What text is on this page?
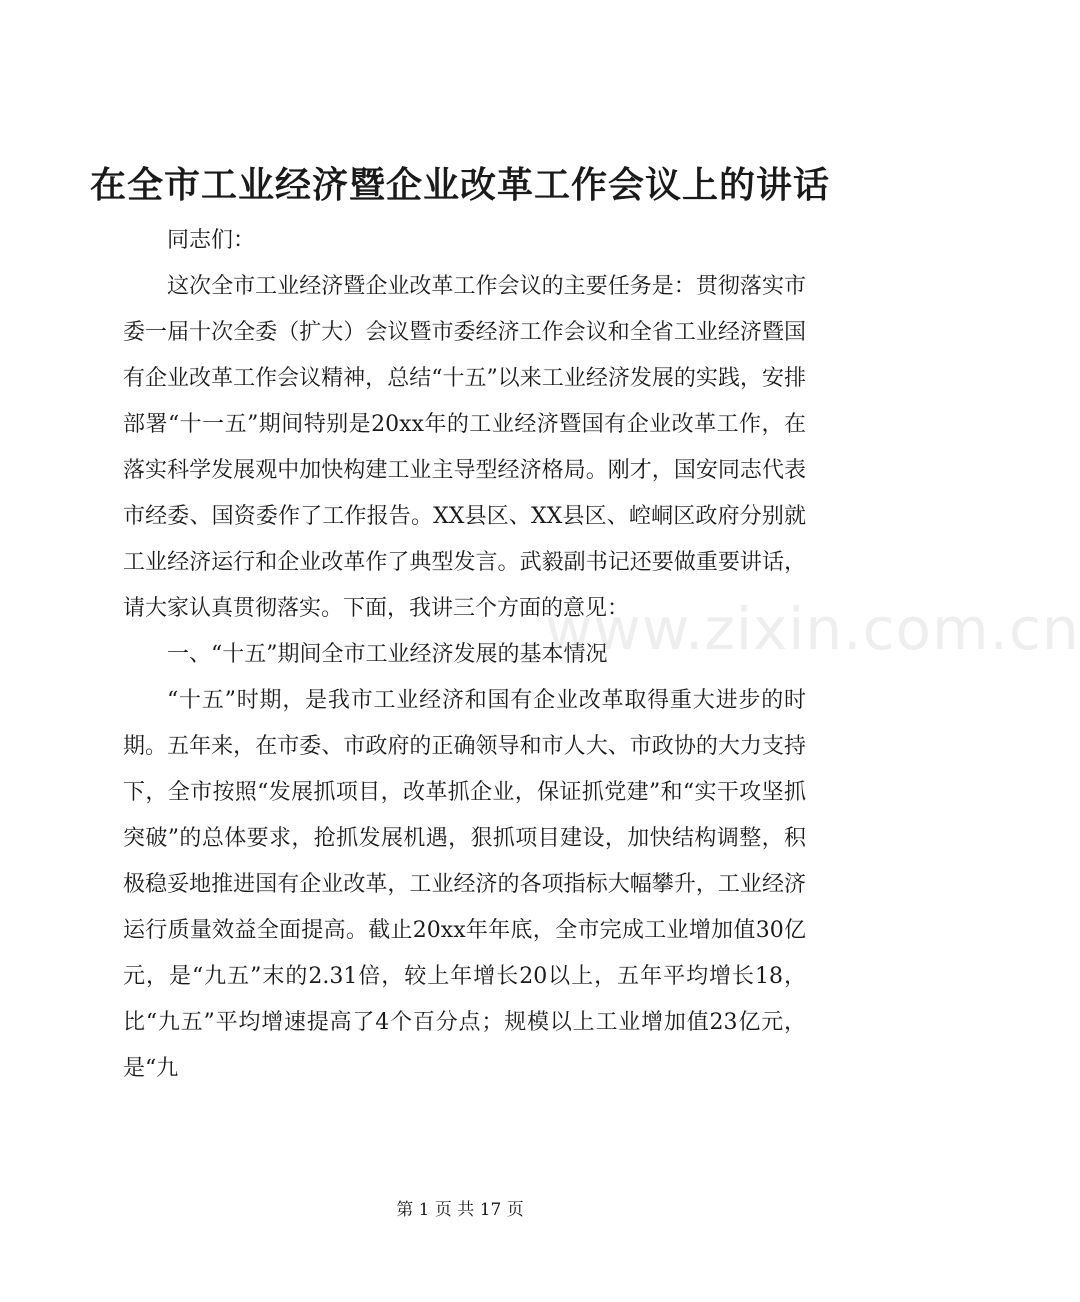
在全市工业经济暨企业改革工作会议上的讲话

同志们：

这次全市工业经济暨企业改革工作会议的主要任务是：贯彻落实市委一届十次全委（扩大）会议暨市委经济工作会议和全省工业经济暨国有企业改革工作会议精神，总结“十五”以来工业经济发展的实践，安排部署“十一五”期间特别是20xx年的工业经济暨国有企业改革工作，在落实科学发展观中加快构建工业主导型经济格局。刚才，国安同志代表市经委、国资委作了工作报告。XX县区、XX县区、崆峒区政府分别就工业经济运行和企业改革作了典型发言。武毅副书记还要做重要讲话，请大家认真贯彻落实。下面，我讲三个方面的意见：

一、“十五”期间全市工业经济发展的基本情况

“十五”时期，是我市工业经济和国有企业改革取得重大进步的时期。五年来，在市委、市政府的正确领导和市人大、市政协的大力支持下，全市按照“发展抓项目，改革抓企业，保证抓党建”和“实干攻坚抓突破”的总体要求，抢抓发展机遇，狠抓项目建设，加快结构调整，积极稳妥地推进国有企业改革，工业经济的各项指标大幅攀升，工业经济运行质量效益全面提高。截止20xx年年底，全市完成工业增加值30亿元，是“九五”末的2.31倍，较上年增长20以上，五年平均增长18，比“九五”平均增速提高了4个百分点；规模以上工业增加值23亿元，是“九

www.zixin.com.cn
第 1 页 共 17 页
